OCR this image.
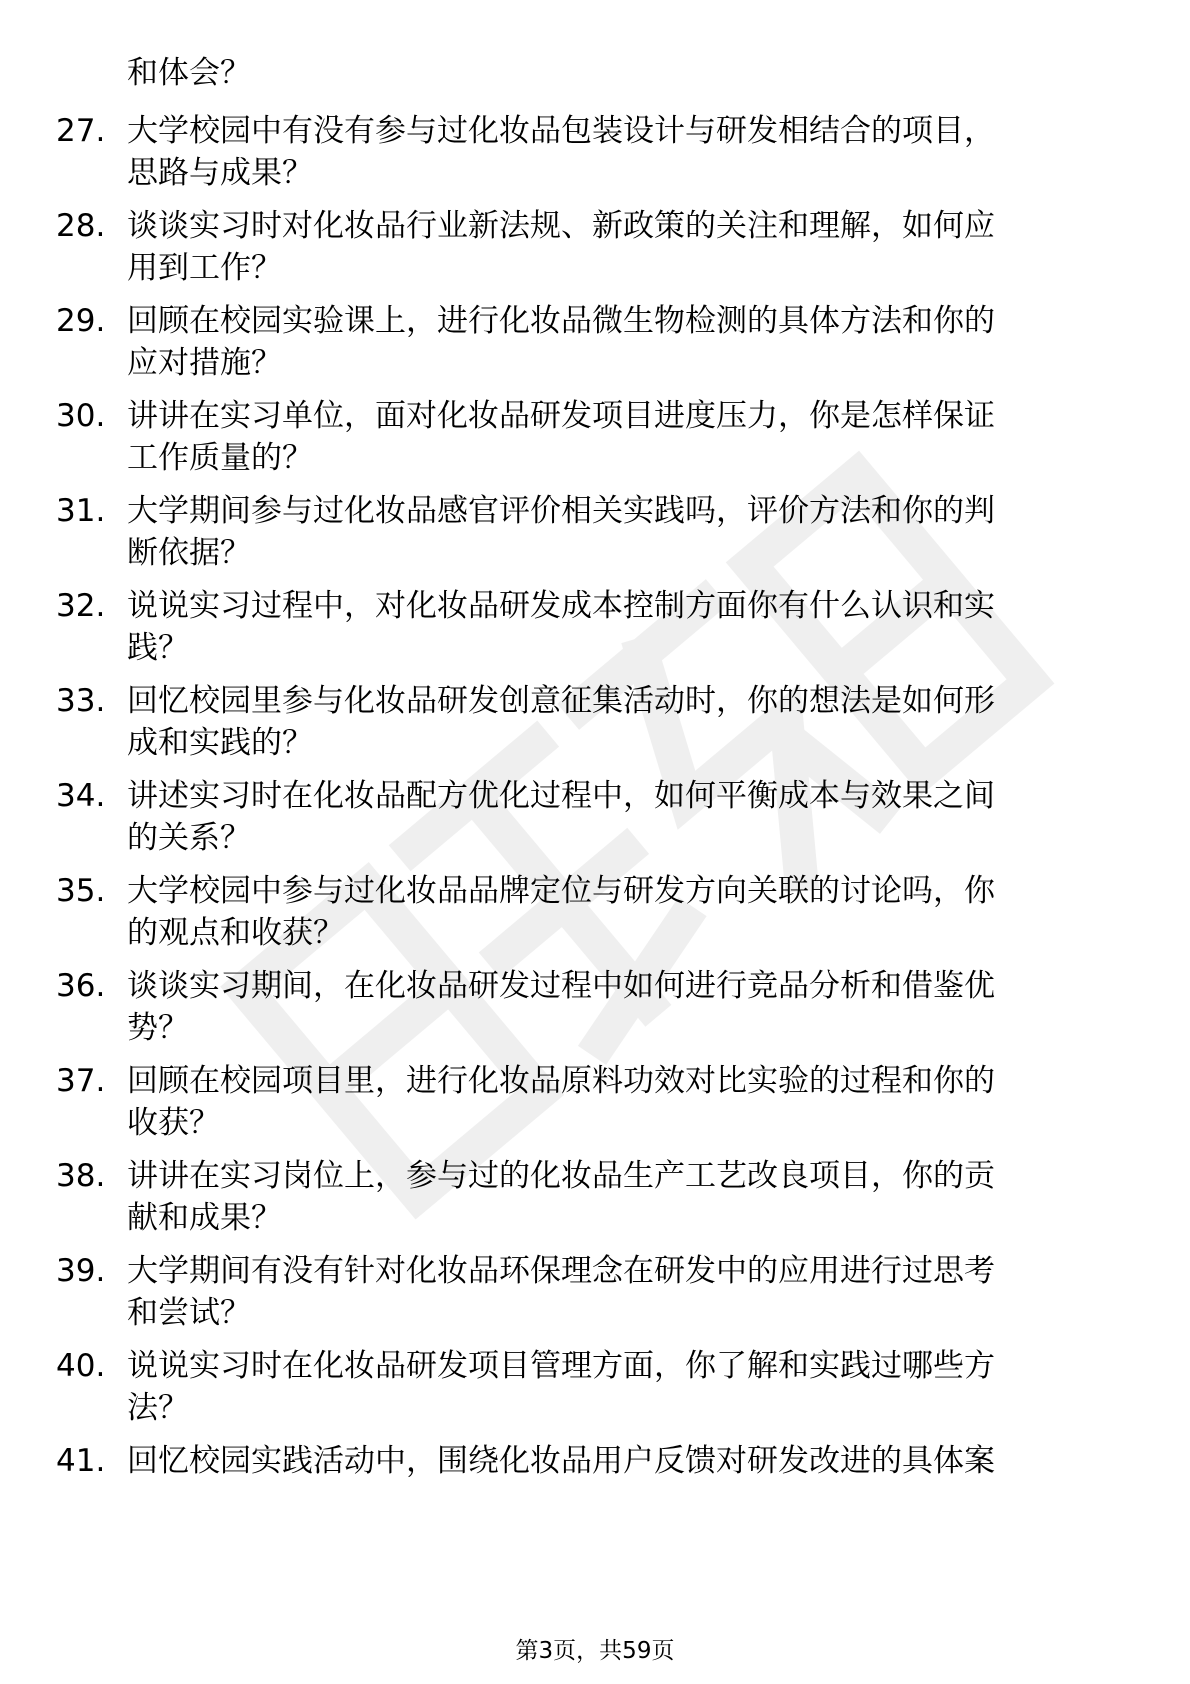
和体会？
27. 大学校园中有没有参与过化妆品包装设计与研发相结合的项目，
思路与成果？
28. 谈谈实习时对化妆品行业新法规、新政策的关注和理解，如何应
用到工作？
29. 回顾在校园实验课上，进行化妆品微生物检测的具体方法和你的
应对措施？
30. 讲讲在实习单位，面对化妆品研发项目进度压力，你是怎样保证
工作质量的？
31. 大学期间参与过化妆品感官评价相关实践吗，评价方法和你的判
断依据？
32. 说说实习过程中，对化妆品研发成本控制方面你有什么认识和实
践？
33. 回忆校园里参与化妆品研发创意征集活动时，你的想法是如何形
成和实践的？
34. 讲述实习时在化妆品配方优化过程中，如何平衡成本与效果之间
的关系？
35. 大学校园中参与过化妆品品牌定位与研发方向关联的讨论吗，你
的观点和收获？
36. 谈谈实习期间，在化妆品研发过程中如何进行竞品分析和借鉴优
势？
37. 回顾在校园项目里，进行化妆品原料功效对比实验的过程和你的
收获？
38. 讲讲在实习岗位上，参与过的化妆品生产工艺改良项目，你的贡
献和成果？
39. 大学期间有没有针对化妆品环保理念在研发中的应用进行过思考
和尝试？
40. 说说实习时在化妆品研发项目管理方面，你了解和实践过哪些方
法？
41. 回忆校园实践活动中，围绕化妆品用户反馈对研发改进的具体案
第3页，共59页
